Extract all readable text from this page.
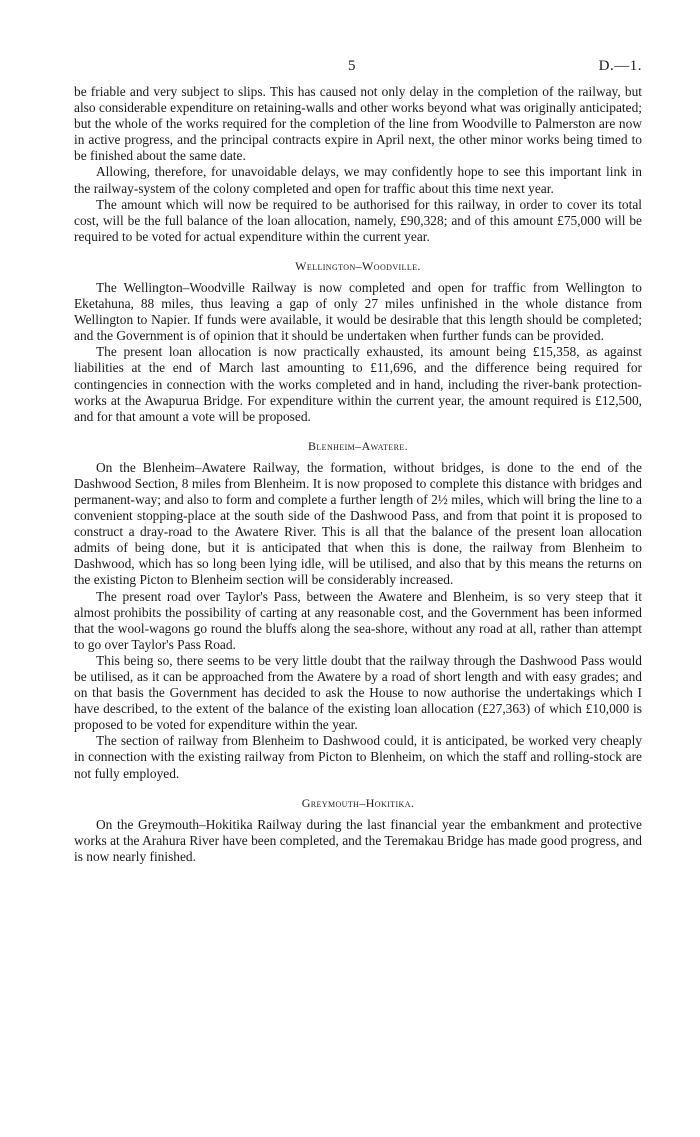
5	D.—1.

be friable and very subject to slips. This has caused not only delay in the completion of the railway, but also considerable expenditure on retaining-walls and other works beyond what was originally anticipated; but the whole of the works required for the completion of the line from Woodville to Palmerston are now in active progress, and the principal contracts expire in April next, the other minor works being timed to be finished about the same date.

Allowing, therefore, for unavoidable delays, we may confidently hope to see this important link in the railway-system of the colony completed and open for traffic about this time next year.

The amount which will now be required to be authorised for this railway, in order to cover its total cost, will be the full balance of the loan allocation, namely, £90,328; and of this amount £75,000 will be required to be voted for actual expenditure within the current year.

Wellington–Woodville.

The Wellington–Woodville Railway is now completed and open for traffic from Wellington to Eketahuna, 88 miles, thus leaving a gap of only 27 miles unfinished in the whole distance from Wellington to Napier. If funds were available, it would be desirable that this length should be completed; and the Government is of opinion that it should be undertaken when further funds can be provided.

The present loan allocation is now practically exhausted, its amount being £15,358, as against liabilities at the end of March last amounting to £11,696, and the difference being required for contingencies in connection with the works completed and in hand, including the river-bank protection-works at the Awapurua Bridge. For expenditure within the current year, the amount required is £12,500, and for that amount a vote will be proposed.

Blenheim–Awatere.

On the Blenheim–Awatere Railway, the formation, without bridges, is done to the end of the Dashwood Section, 8 miles from Blenheim. It is now proposed to complete this distance with bridges and permanent-way; and also to form and complete a further length of 2½ miles, which will bring the line to a convenient stopping-place at the south side of the Dashwood Pass, and from that point it is proposed to construct a dray-road to the Awatere River. This is all that the balance of the present loan allocation admits of being done, but it is anticipated that when this is done, the railway from Blenheim to Dashwood, which has so long been lying idle, will be utilised, and also that by this means the returns on the existing Picton to Blenheim section will be considerably increased.

The present road over Taylor's Pass, between the Awatere and Blenheim, is so very steep that it almost prohibits the possibility of carting at any reasonable cost, and the Government has been informed that the wool-wagons go round the bluffs along the sea-shore, without any road at all, rather than attempt to go over Taylor's Pass Road.

This being so, there seems to be very little doubt that the railway through the Dashwood Pass would be utilised, as it can be approached from the Awatere by a road of short length and with easy grades; and on that basis the Government has decided to ask the House to now authorise the undertakings which I have described, to the extent of the balance of the existing loan allocation (£27,363) of which £10,000 is proposed to be voted for expenditure within the year.

The section of railway from Blenheim to Dashwood could, it is anticipated, be worked very cheaply in connection with the existing railway from Picton to Blenheim, on which the staff and rolling-stock are not fully employed.

Greymouth–Hokitika.

On the Greymouth–Hokitika Railway during the last financial year the embankment and protective works at the Arahura River have been completed, and the Teremakau Bridge has made good progress, and is now nearly finished.
